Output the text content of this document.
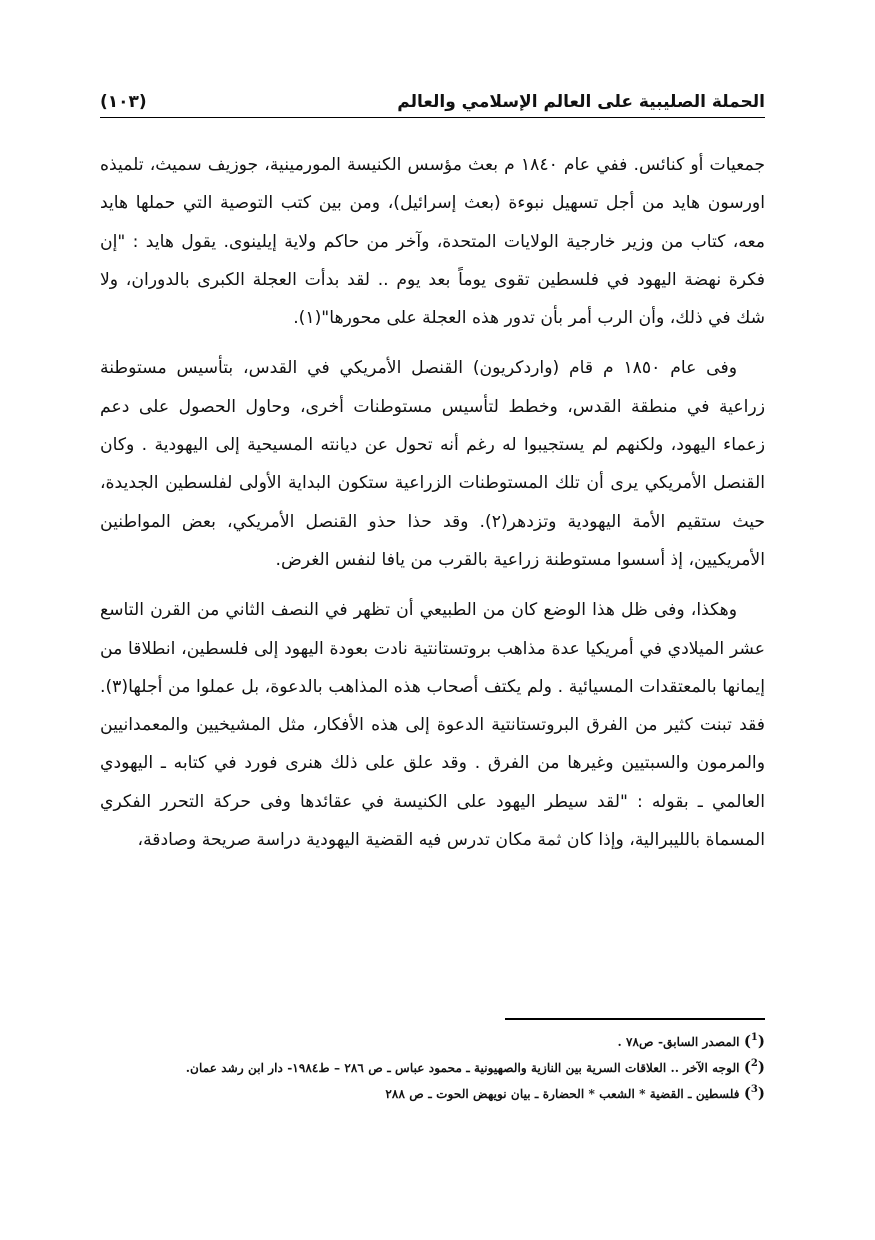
الحملة الصليبية على العالم الإسلامي والعالم
(١٠٣)

جمعيات أو كنائس. ففي عام ١٨٤٠ م بعث مؤسس الكنيسة المورمينية، جوزيف سميث، تلميذه اورسون هايد من أجل تسهيل نبوءة (بعث إسرائيل)، ومن بين كتب التوصية التي حملها هايد معه، كتاب من وزير خارجية الولايات المتحدة، وآخر من حاكم ولاية إيلينوى. يقول هايد : "إن فكرة نهضة اليهود في فلسطين تقوى يوماً بعد يوم .. لقد بدأت العجلة الكبرى بالدوران، ولا شك في ذلك، وأن الرب أمر بأن تدور هذه العجلة على محورها"(١).

وفى عام ١٨٥٠ م قام (واردكريون) القنصل الأمريكي في القدس، بتأسيس مستوطنة زراعية في منطقة القدس، وخطط لتأسيس مستوطنات أخرى، وحاول الحصول على دعم زعماء اليهود، ولكنهم لم يستجيبوا له رغم أنه تحول عن ديانته المسيحية إلى اليهودية . وكان القنصل الأمريكي يرى أن تلك المستوطنات الزراعية ستكون البداية الأولى لفلسطين الجديدة، حيث ستقيم الأمة اليهودية وتزدهر(٢). وقد حذا حذو القنصل الأمريكي، بعض المواطنين الأمريكيين، إذ أسسوا مستوطنة زراعية بالقرب من يافا لنفس الغرض.

وهكذا، وفى ظل هذا الوضع كان من الطبيعي أن تظهر في النصف الثاني من القرن التاسع عشر الميلادي في أمريكيا عدة مذاهب بروتستانتية نادت بعودة اليهود إلى فلسطين، انطلاقا من إيمانها بالمعتقدات المسيائية . ولم يكتف أصحاب هذه المذاهب بالدعوة، بل عملوا من أجلها(٣). فقد تبنت كثير من الفرق البروتستانتية الدعوة إلى هذه الأفكار، مثل المشيخيين والمعمدانيين والمرمون والسبتيين وغيرها من الفرق . وقد علق على ذلك هنرى فورد في كتابه ـ اليهودي العالمي ـ بقوله : "لقد سيطر اليهود على الكنيسة في عقائدها وفى حركة التحرر الفكري المسماة بالليبرالية، وإذا كان ثمة مكان تدرس فيه القضية اليهودية دراسة صريحة وصادقة،

($^1$) المصدر السابق- ص٧٨ .

($^2$) الوجه الآخر .. العلاقات السرية بين النازية والصهيونية ـ محمود عباس ـ ص ٢٨٦ – ط١٩٨٤- دار ابن رشد عمان.

($^3$) فلسطين ـ القضية * الشعب * الحضارة ـ بيان نويهض الحوت ـ ص ٢٨٨
